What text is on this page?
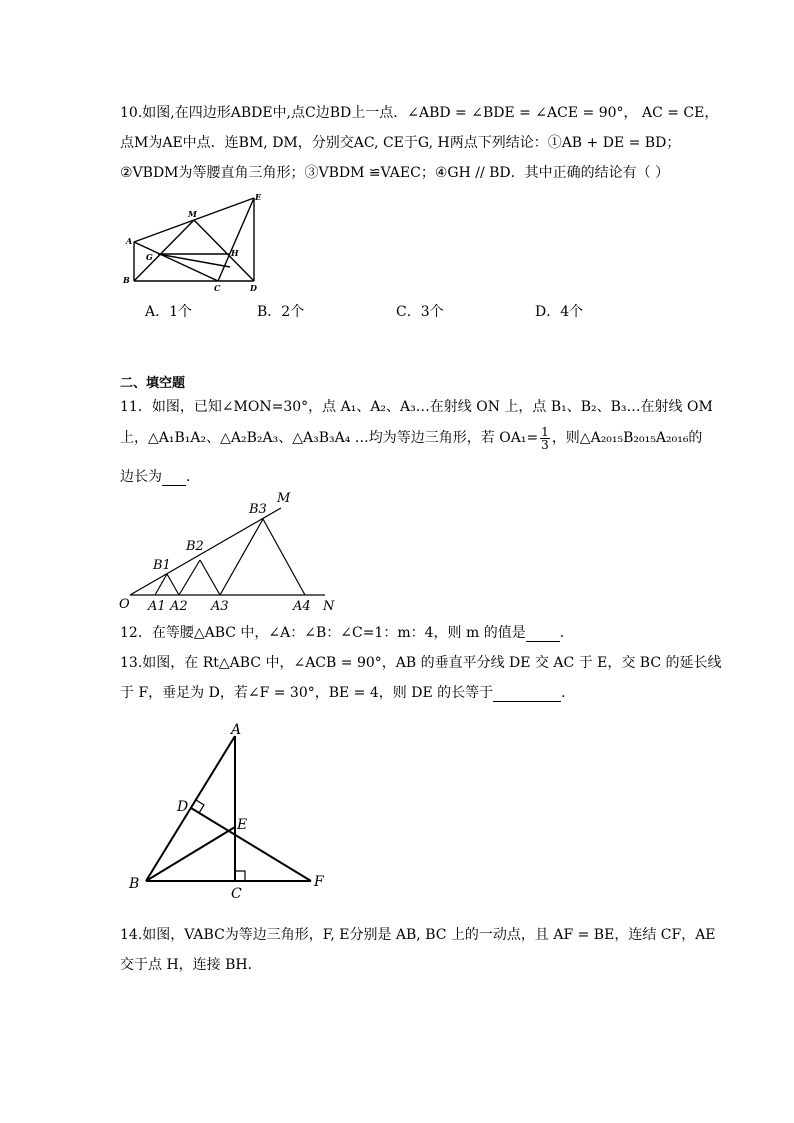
10.如图,在四边形ABDE中,点C边BD上一点．∠ABD = ∠BDE = ∠ACE = 90°， AC = CE，
点M为AE中点．连BM, DM，分别交AC, CE于G, H两点下列结论：①AB + DE = BD；
②VBDM为等腰直角三角形；③VBDM ≌VAEC；④GH // BD．其中正确的结论有（ ）
E
M
A
G	H
B
C	D
A．1个	B．2个	C．3个	D．4个
二、填空题
11．如图，已知∠MON=30°，点 A₁、A₂、A₃…在射线 ON 上，点 B₁、B₂、B₃…在射线 OM
上，△A₁B₁A₂、△A₂B₂A₃、△A₃B₃A₄ …均为等边三角形，若 $OA_1= \frac{1}{3}$ ，则△A₂₀₁₅B₂₀₁₅A₂₀₁₆的
边长为 .
M
B3
B2
B1
O A1 A2 A3	A4 N
12．在等腰△ABC 中，∠A：∠B：∠C=1：m：4，则 m 的值是 ．
13.如图，在 Rt△ABC 中，∠ACB = 90°，AB 的垂直平分线 DE 交 AC 于 E，交 BC 的延长线
于 F，垂足为 D，若∠F = 30°，BE = 4，则 DE 的长等于	.
A
D
E
B
C
F
14.如图，VABC为等边三角形，F, E分别是 AB, BC 上的一动点，且 AF = BE，连结 CF，AE
交于点 H，连接 BH．
